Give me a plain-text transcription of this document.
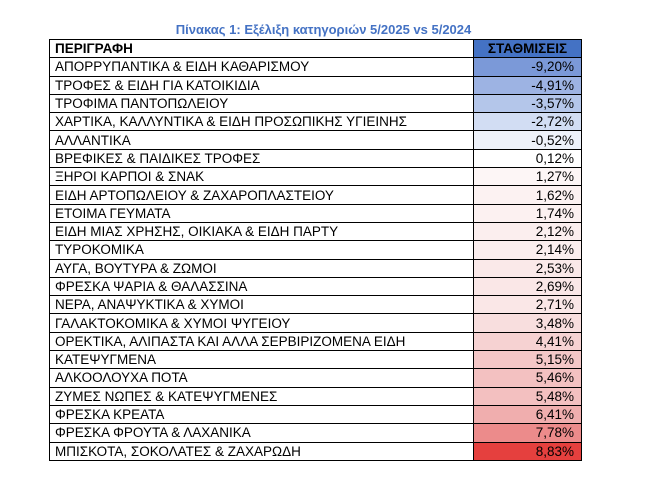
Πίνακας 1: Εξέλιξη κατηγοριών 5/2025 vs 5/2024
ΠΕΡΙΓΡΑΦΗ	ΣΤΑΘΜΙΣΕΙΣ
ΑΠΟΡΡΥΠΑΝΤΙΚΑ & ΕΙΔΗ ΚΑΘΑΡΙΣΜΟΥ	-9,20%
ΤΡΟΦΕΣ & ΕΙΔΗ ΓΙΑ ΚΑΤΟΙΚΙΔΙΑ	-4,91%
ΤΡΟΦΙΜΑ ΠΑΝΤΟΠΩΛΕΙΟΥ	-3,57%
ΧΑΡΤΙΚΑ, ΚΑΛΛΥΝΤΙΚΑ & ΕΙΔΗ ΠΡΟΣΩΠΙΚΗΣ ΥΓΙΕΙΝΗΣ	-2,72%
ΑΛΛΑΝΤΙΚΑ	-0,52%
ΒΡΕΦΙΚΕΣ & ΠΑΙΔΙΚΕΣ ΤΡΟΦΕΣ	0,12%
ΞΗΡΟΙ ΚΑΡΠΟΙ & ΣΝΑΚ	1,27%
ΕΙΔΗ ΑΡΤΟΠΩΛΕΙΟΥ & ΖΑΧΑΡΟΠΛΑΣΤΕΙΟΥ	1,62%
ΕΤΟΙΜΑ ΓΕΥΜΑΤΑ	1,74%
ΕΙΔΗ ΜΙΑΣ ΧΡΗΣΗΣ, ΟΙΚΙΑΚΑ & ΕΙΔΗ ΠΑΡΤΥ	2,12%
ΤΥΡΟΚΟΜΙΚΑ	2,14%
ΑΥΓΑ, ΒΟΥΤΥΡΑ & ΖΩΜΟΙ	2,53%
ΦΡΕΣΚΑ ΨΑΡΙΑ & ΘΑΛΑΣΣΙΝΑ	2,69%
ΝΕΡΑ, ΑΝΑΨΥΚΤΙΚΑ & ΧΥΜΟΙ	2,71%
ΓΑΛΑΚΤΟΚΟΜΙΚΑ & ΧΥΜΟΙ ΨΥΓΕΙΟΥ	3,48%
ΟΡΕΚΤΙΚΑ, ΑΛΙΠΑΣΤΑ ΚΑΙ ΑΛΛΑ ΣΕΡΒΙΡΙΖΟΜΕΝΑ ΕΙΔΗ	4,41%
ΚΑΤΕΨΥΓΜΕΝΑ	5,15%
ΑΛΚΟΟΛΟΥΧΑ ΠΟΤΑ	5,46%
ΖΥΜΕΣ ΝΩΠΕΣ & ΚΑΤΕΨΥΓΜΕΝΕΣ	5,48%
ΦΡΕΣΚΑ ΚΡΕΑΤΑ	6,41%
ΦΡΕΣΚΑ ΦΡΟΥΤΑ & ΛΑΧΑΝΙΚΑ	7,78%
ΜΠΙΣΚΟΤΑ, ΣΟΚΟΛΑΤΕΣ & ΖΑΧΑΡΩΔΗ	8,83%
